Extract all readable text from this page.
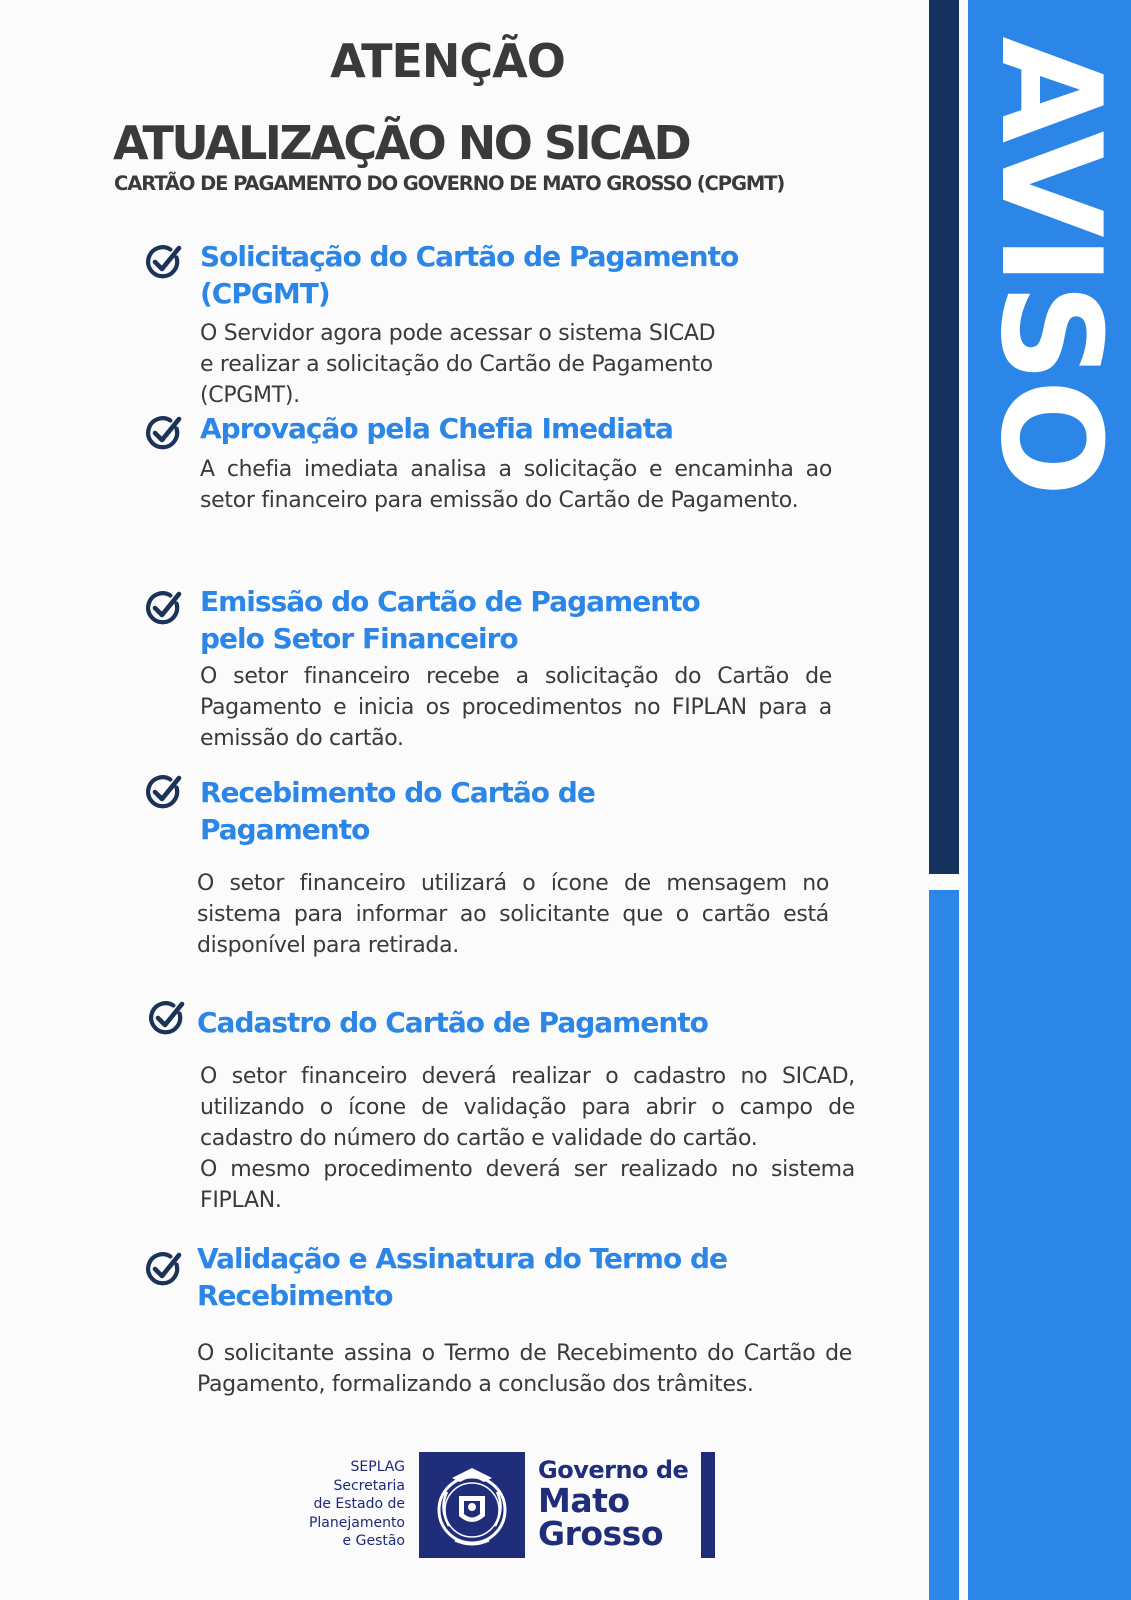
AVISO
ATENÇÃO
ATUALIZAÇÃO NO SICAD
CARTÃO DE PAGAMENTO DO GOVERNO DE MATO GROSSO (CPGMT)
Solicitação do Cartão de Pagamento
(CPGMT)
O Servidor agora pode acessar o sistema SICAD
e realizar a solicitação do Cartão de Pagamento
(CPGMT).
Aprovação pela Chefia Imediata

A chefia imediata analisa a solicitação e encaminha ao setor financeiro para emissão do Cartão de Pagamento.

Emissão do Cartão de Pagamento
pelo Setor Financeiro

O setor financeiro recebe a solicitação do Cartão de Pagamento e inicia os procedimentos no FIPLAN para a emissão do cartão.

Recebimento do Cartão de
Pagamento

O setor financeiro utilizará o ícone de mensagem no sistema para informar ao solicitante que o cartão está disponível para retirada.

Cadastro do Cartão de Pagamento

O setor financeiro deverá realizar o cadastro no SICAD, utilizando o ícone de validação para abrir o campo de cadastro do número do cartão e validade do cartão.

O mesmo procedimento deverá ser realizado no sistema FIPLAN.

Validação e Assinatura do Termo de
Recebimento

O solicitante assina o Termo de Recebimento do Cartão de Pagamento, formalizando a conclusão dos trâmites.

SEPLAG
Secretaria
de Estado de
Planejamento
e Gestão
Governo de
Mato
Grosso
